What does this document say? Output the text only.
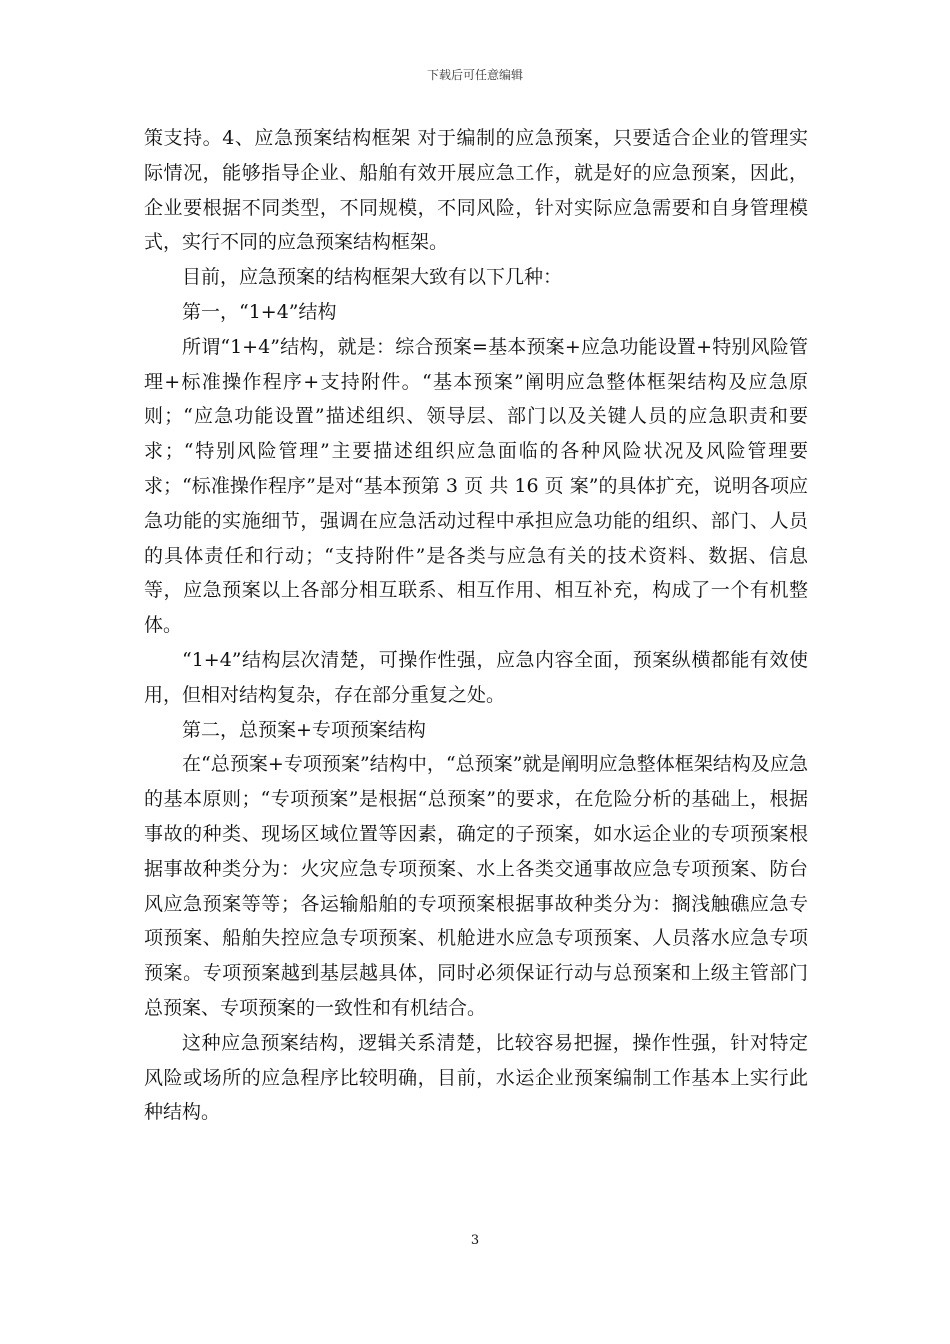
下载后可任意编辑

策支持。4、应急预案结构框架 对于编制的应急预案，只要适合企业的管理实际情况，能够指导企业、船舶有效开展应急工作，就是好的应急预案，因此，企业要根据不同类型，不同规模，不同风险，针对实际应急需要和自身管理模式，实行不同的应急预案结构框架。

目前，应急预案的结构框架大致有以下几种：

第一，“1+4”结构

所谓“1+4”结构，就是：综合预案=基本预案+应急功能设置+特别风险管理+标准操作程序+支持附件。“基本预案”阐明应急整体框架结构及应急原则；“应急功能设置”描述组织、领导层、部门以及关键人员的应急职责和要求；“特别风险管理”主要描述组织应急面临的各种风险状况及风险管理要求；“标准操作程序”是对“基本预第 3 页 共 16 页 案”的具体扩充，说明各项应急功能的实施细节，强调在应急活动过程中承担应急功能的组织、部门、人员的具体责任和行动；“支持附件”是各类与应急有关的技术资料、数据、信息等，应急预案以上各部分相互联系、相互作用、相互补充，构成了一个有机整体。

“1+4”结构层次清楚，可操作性强，应急内容全面，预案纵横都能有效使用，但相对结构复杂，存在部分重复之处。

第二，总预案+专项预案结构

在“总预案+专项预案”结构中，“总预案”就是阐明应急整体框架结构及应急的基本原则；“专项预案”是根据“总预案”的要求，在危险分析的基础上，根据事故的种类、现场区域位置等因素，确定的子预案，如水运企业的专项预案根据事故种类分为：火灾应急专项预案、水上各类交通事故应急专项预案、防台风应急预案等等；各运输船舶的专项预案根据事故种类分为：搁浅触礁应急专项预案、船舶失控应急专项预案、机舱进水应急专项预案、人员落水应急专项预案。专项预案越到基层越具体，同时必须保证行动与总预案和上级主管部门总预案、专项预案的一致性和有机结合。

这种应急预案结构，逻辑关系清楚，比较容易把握，操作性强，针对特定风险或场所的应急程序比较明确，目前，水运企业预案编制工作基本上实行此种结构。

3
